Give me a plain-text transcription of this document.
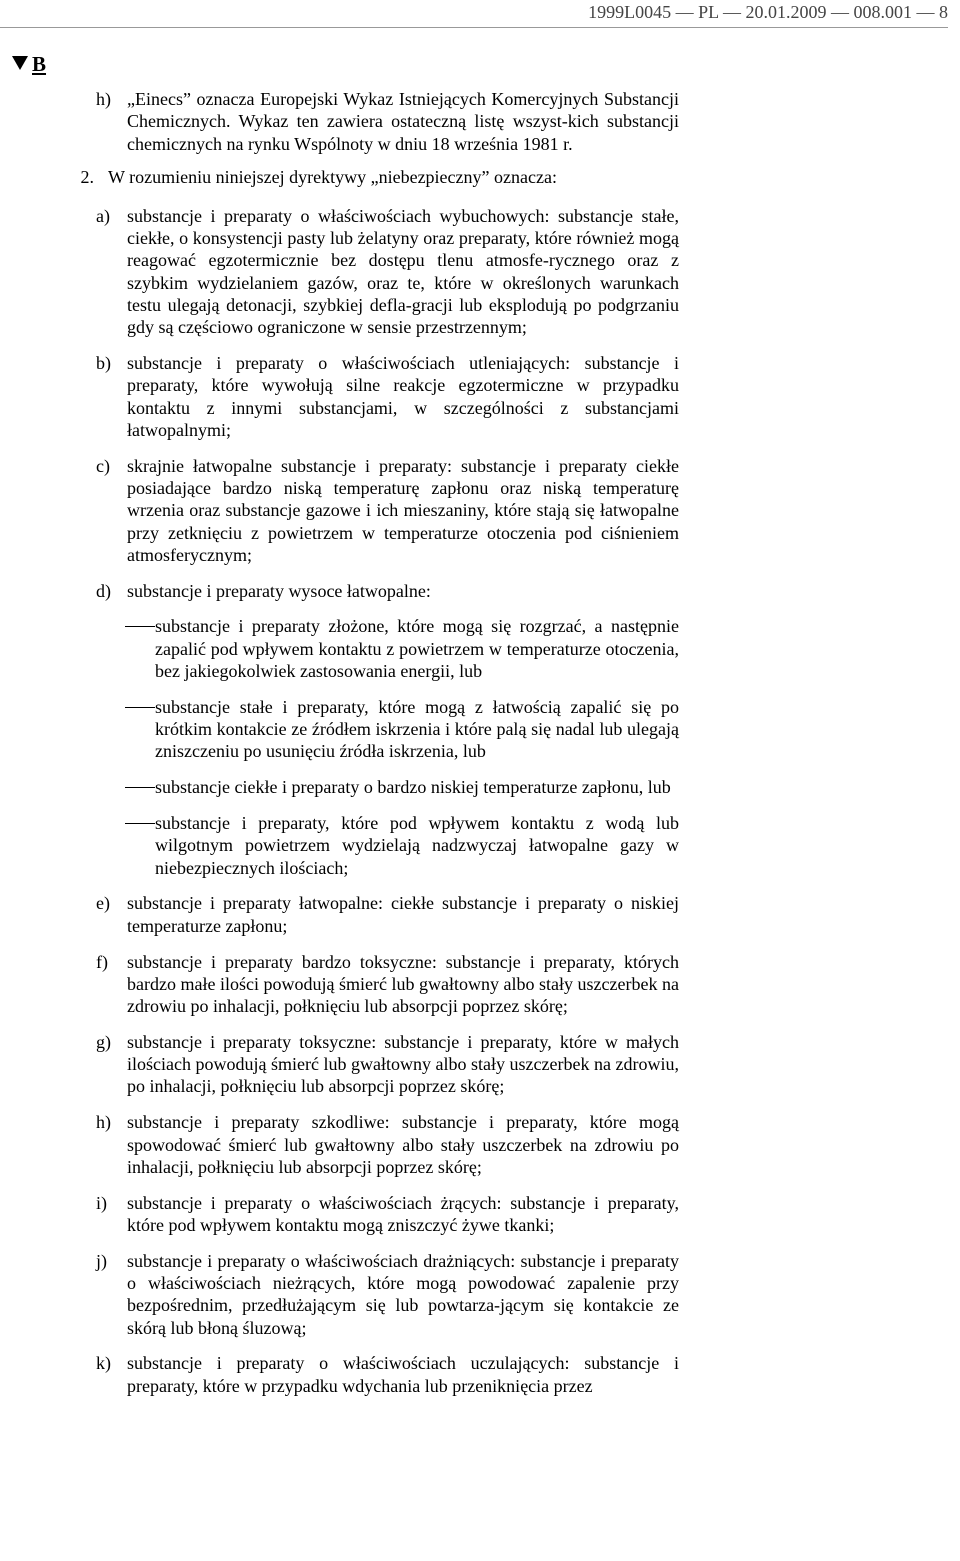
1999L0045 — PL — 20.01.2009 — 008.001 — 8
B
h) „Einecs” oznacza Europejski Wykaz Istniejących Komercyjnych Substancji Chemicznych. Wykaz ten zawiera ostateczną listę wszyst-kich substancji chemicznych na rynku Wspólnoty w dniu 18 września 1981 r.
2. W rozumieniu niniejszej dyrektywy „niebezpieczny” oznacza:
a) substancje i preparaty o właściwościach wybuchowych: substancje stałe, ciekłe, o konsystencji pasty lub żelatyny oraz preparaty, które również mogą reagować egzotermicznie bez dostępu tlenu atmosfe-rycznego oraz z szybkim wydzielaniem gazów, oraz te, które w określonych warunkach testu ulegają detonacji, szybkiej defla-gracji lub eksplodują po podgrzaniu gdy są częściowo ograniczone w sensie przestrzennym;
b) substancje i preparaty o właściwościach utleniających: substancje i preparaty, które wywołują silne reakcje egzotermiczne w przypadku kontaktu z innymi substancjami, w szczególności z substancjami łatwopalnymi;
c) skrajnie łatwopalne substancje i preparaty: substancje i preparaty ciekłe posiadające bardzo niską temperaturę zapłonu oraz niską temperaturę wrzenia oraz substancje gazowe i ich mieszaniny, które stają się łatwopalne przy zetknięciu z powietrzem w temperaturze otoczenia pod ciśnieniem atmosferycznym;
d) substancje i preparaty wysoce łatwopalne:
substancje i preparaty złożone, które mogą się rozgrzać, a następnie zapalić pod wpływem kontaktu z powietrzem w temperaturze otoczenia, bez jakiegokolwiek zastosowania energii, lub
substancje stałe i preparaty, które mogą z łatwością zapalić się po krótkim kontakcie ze źródłem iskrzenia i które palą się nadal lub ulegają zniszczeniu po usunięciu źródła iskrzenia, lub
substancje ciekłe i preparaty o bardzo niskiej temperaturze zapłonu, lub
substancje i preparaty, które pod wpływem kontaktu z wodą lub wilgotnym powietrzem wydzielają nadzwyczaj łatwopalne gazy w niebezpiecznych ilościach;
e) substancje i preparaty łatwopalne: ciekłe substancje i preparaty o niskiej temperaturze zapłonu;
f)	substancje i preparaty bardzo toksyczne: substancje i preparaty, których bardzo małe ilości powodują śmierć lub gwałtowny albo stały uszczerbek na zdrowiu po inhalacji, połknięciu lub absorpcji poprzez skórę;
g) substancje i preparaty toksyczne: substancje i preparaty, które w małych ilościach powodują śmierć lub gwałtowny albo stały uszczerbek na zdrowiu, po inhalacji, połknięciu lub absorpcji poprzez skórę;
h) substancje i preparaty szkodliwe: substancje i preparaty, które mogą spowodować śmierć lub gwałtowny albo stały uszczerbek na zdrowiu po inhalacji, połknięciu lub absorpcji poprzez skórę;
i)	substancje i preparaty o właściwościach żrących: substancje i preparaty, które pod wpływem kontaktu mogą zniszczyć żywe tkanki;
j)	substancje i preparaty o właściwościach drażniących: substancje i preparaty o właściwościach nieżrących, które mogą powodować zapalenie przy bezpośrednim, przedłużającym się lub powtarza-jącym się kontakcie ze skórą lub błoną śluzową;
k) substancje i preparaty o właściwościach uczulających: substancje i preparaty, które w przypadku wdychania lub przeniknięcia przez
